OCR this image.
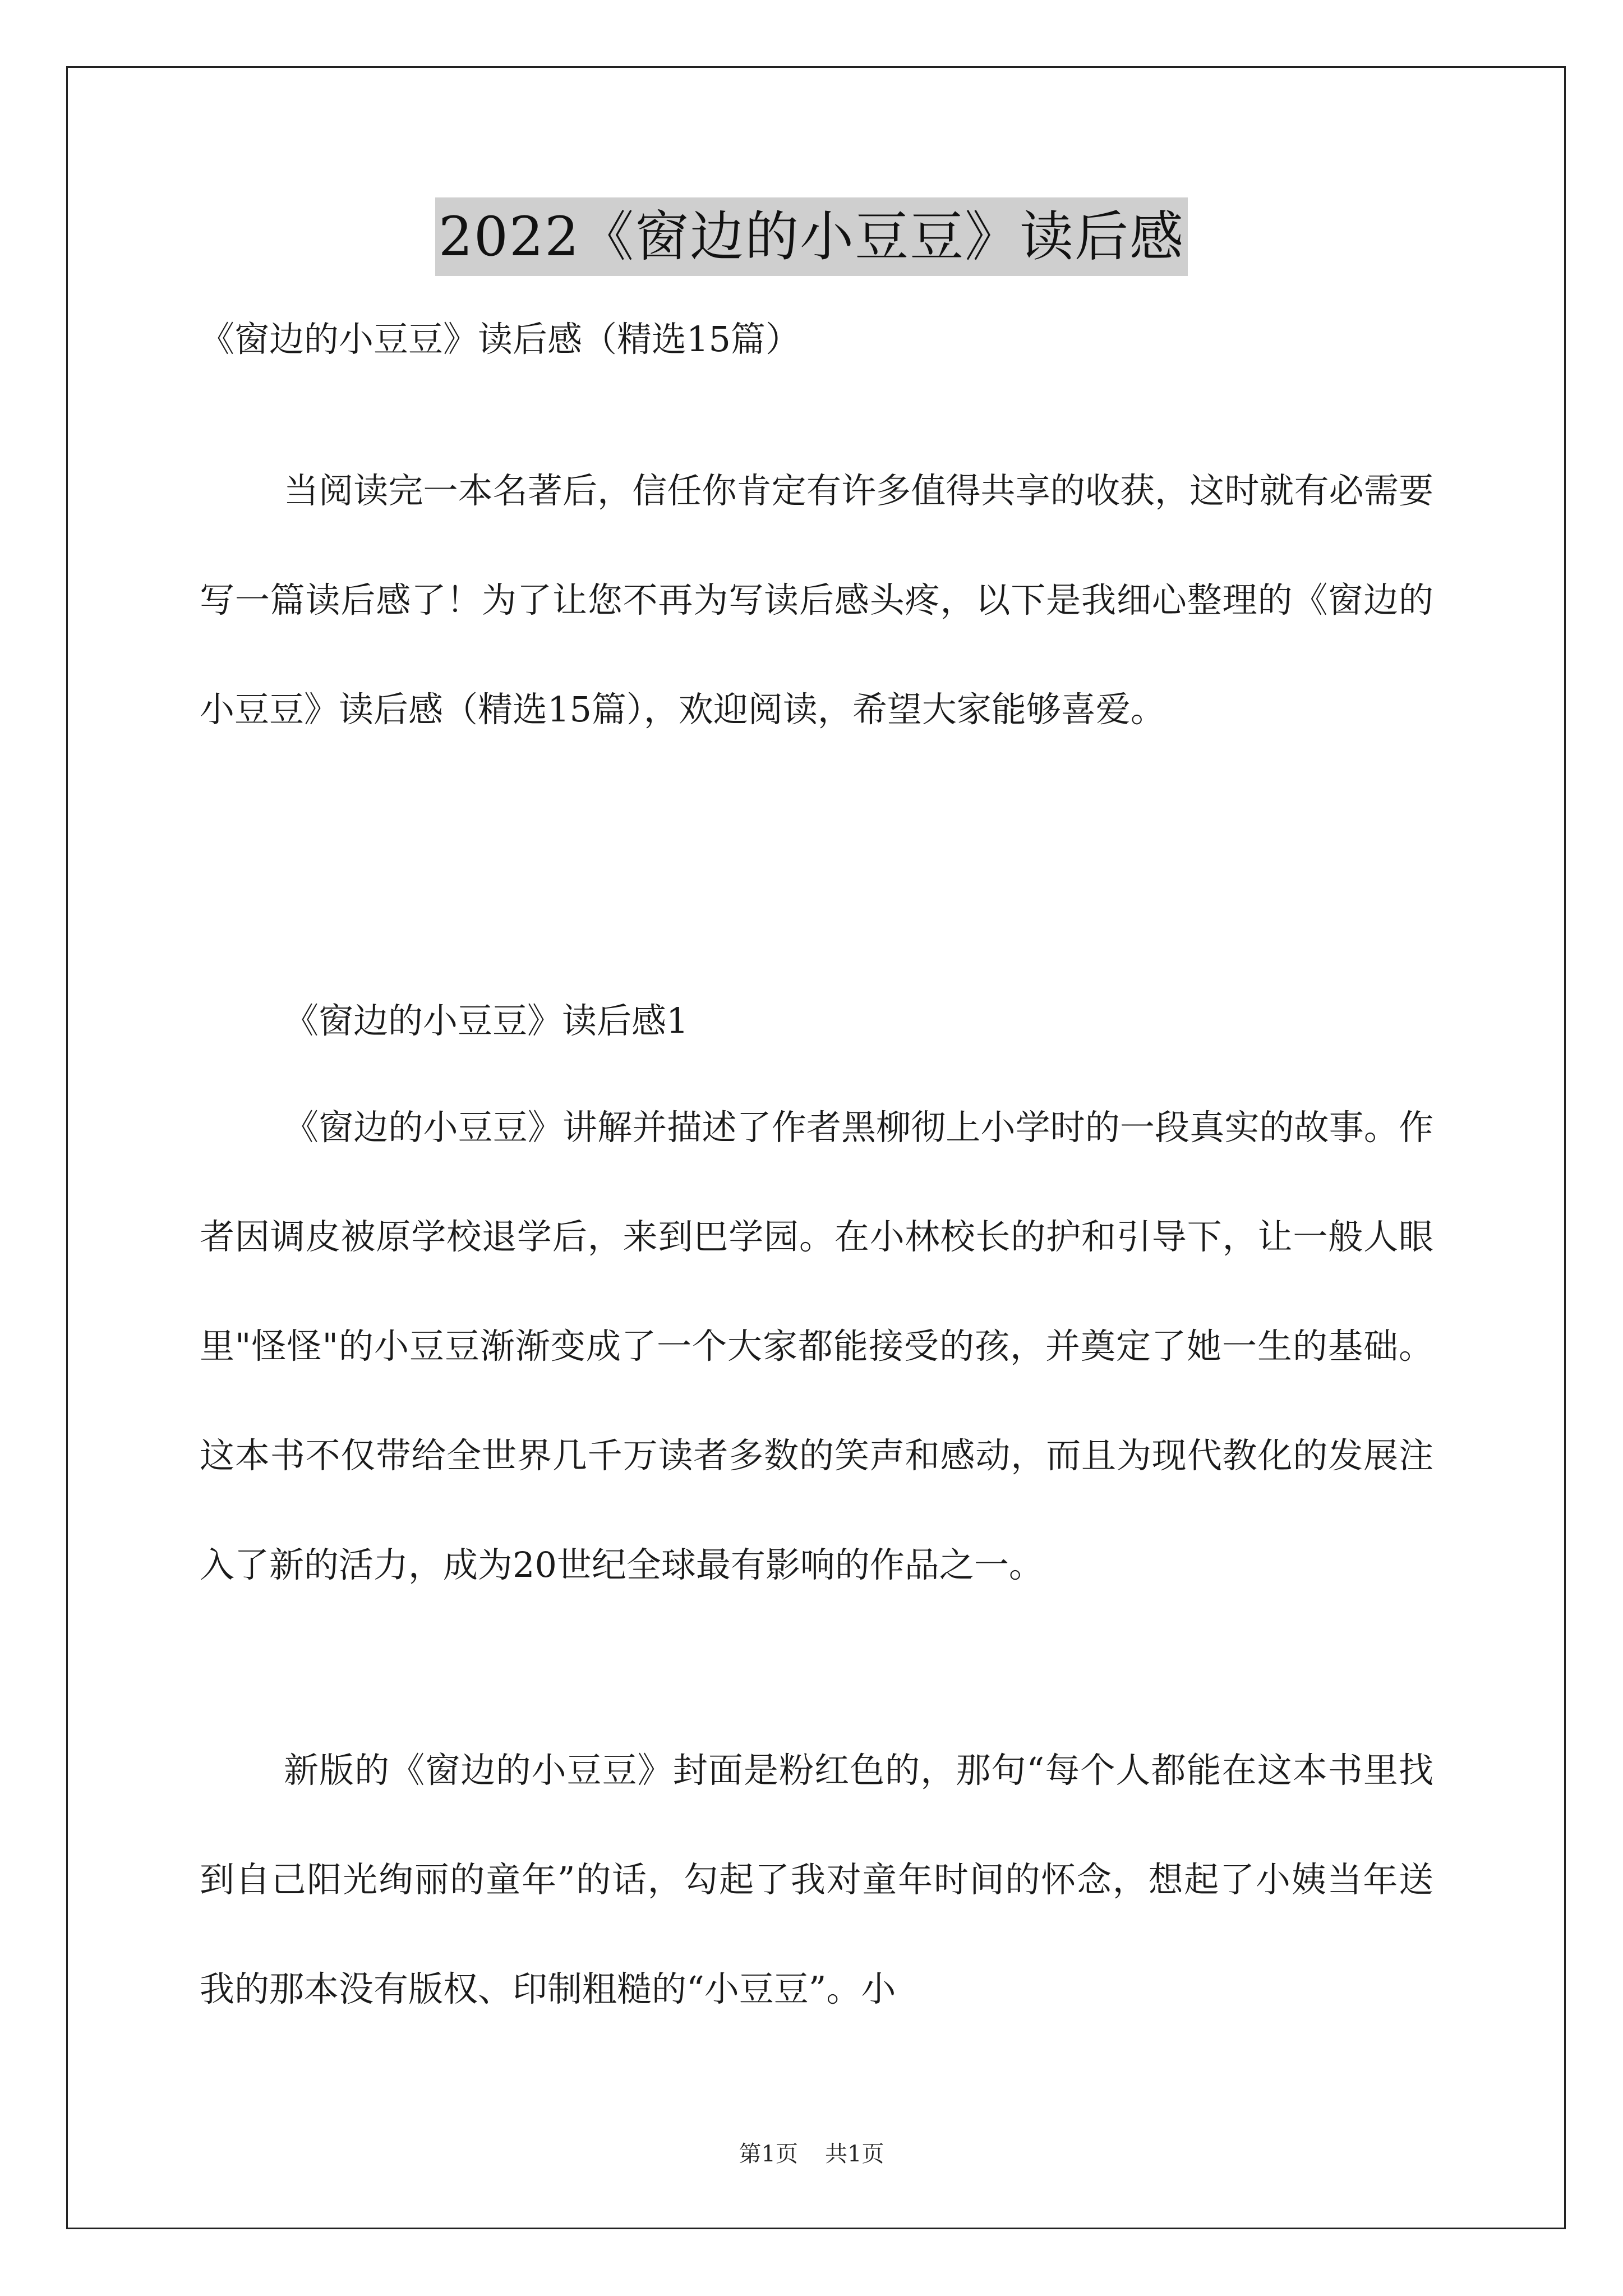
2022《窗边的小豆豆》读后感
《窗边的小豆豆》读后感（精选15篇）

当阅读完一本名著后，信任你肯定有许多值得共享的收获，这时就有必需要写一篇读后感了！为了让您不再为写读后感头疼，以下是我细心整理的《窗边的小豆豆》读后感（精选15篇），欢迎阅读，希望大家能够喜爱。

《窗边的小豆豆》读后感1

《窗边的小豆豆》讲解并描述了作者黑柳彻上小学时的一段真实的故事。作者因调皮被原学校退学后，来到巴学园。在小林校长的护和引导下，让一般人眼里"怪怪"的小豆豆渐渐变成了一个大家都能接受的孩，并奠定了她一生的基础。这本书不仅带给全世界几千万读者多数的笑声和感动，而且为现代教化的发展注入了新的活力，成为20世纪全球最有影响的作品之一。

新版的《窗边的小豆豆》封面是粉红色的，那句“每个人都能在这本书里找到自己阳光绚丽的童年”的话，勾起了我对童年时间的怀念，想起了小姨当年送我的那本没有版权、印制粗糙的“小豆豆”。小

第1页 共1页
